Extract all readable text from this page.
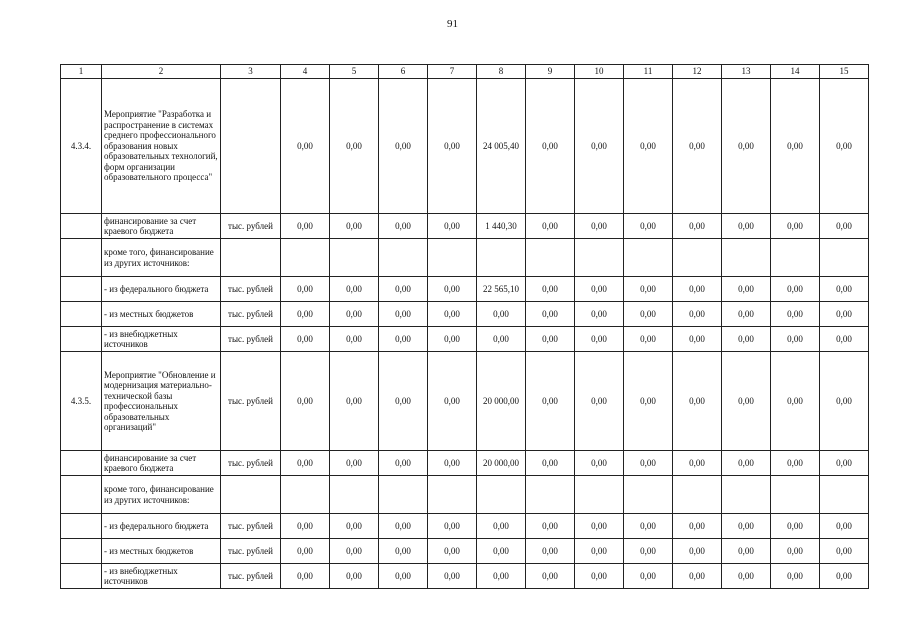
91
1	2	3	4	5	6	7	8	9	10	11	12	13	14	15
4.3.4.	Мероприятие "Разработка и распространение в системах среднего профессионального образования новых образовательных технологий, форм организации образовательного процесса"		0,00	0,00	0,00	0,00	24 005,40	0,00	0,00	0,00	0,00	0,00	0,00	0,00
	финансирование за счет краевого бюджета	тыс. рублей	0,00	0,00	0,00	0,00	1 440,30	0,00	0,00	0,00	0,00	0,00	0,00	0,00
	кроме того, финансирование из других источников:													
	- из федерального бюджета	тыс. рублей	0,00	0,00	0,00	0,00	22 565,10	0,00	0,00	0,00	0,00	0,00	0,00	0,00
	- из местных бюджетов	тыс. рублей	0,00	0,00	0,00	0,00	0,00	0,00	0,00	0,00	0,00	0,00	0,00	0,00
	- из внебюджетных источников	тыс. рублей	0,00	0,00	0,00	0,00	0,00	0,00	0,00	0,00	0,00	0,00	0,00	0,00
4.3.5.	Мероприятие "Обновление и модернизация материально-технической базы профессиональных образовательных организаций"	тыс. рублей	0,00	0,00	0,00	0,00	20 000,00	0,00	0,00	0,00	0,00	0,00	0,00	0,00
	финансирование за счет краевого бюджета	тыс. рублей	0,00	0,00	0,00	0,00	20 000,00	0,00	0,00	0,00	0,00	0,00	0,00	0,00
	кроме того, финансирование из других источников:													
	- из федерального бюджета	тыс. рублей	0,00	0,00	0,00	0,00	0,00	0,00	0,00	0,00	0,00	0,00	0,00	0,00
	- из местных бюджетов	тыс. рублей	0,00	0,00	0,00	0,00	0,00	0,00	0,00	0,00	0,00	0,00	0,00	0,00
	- из внебюджетных источников	тыс. рублей	0,00	0,00	0,00	0,00	0,00	0,00	0,00	0,00	0,00	0,00	0,00	0,00
